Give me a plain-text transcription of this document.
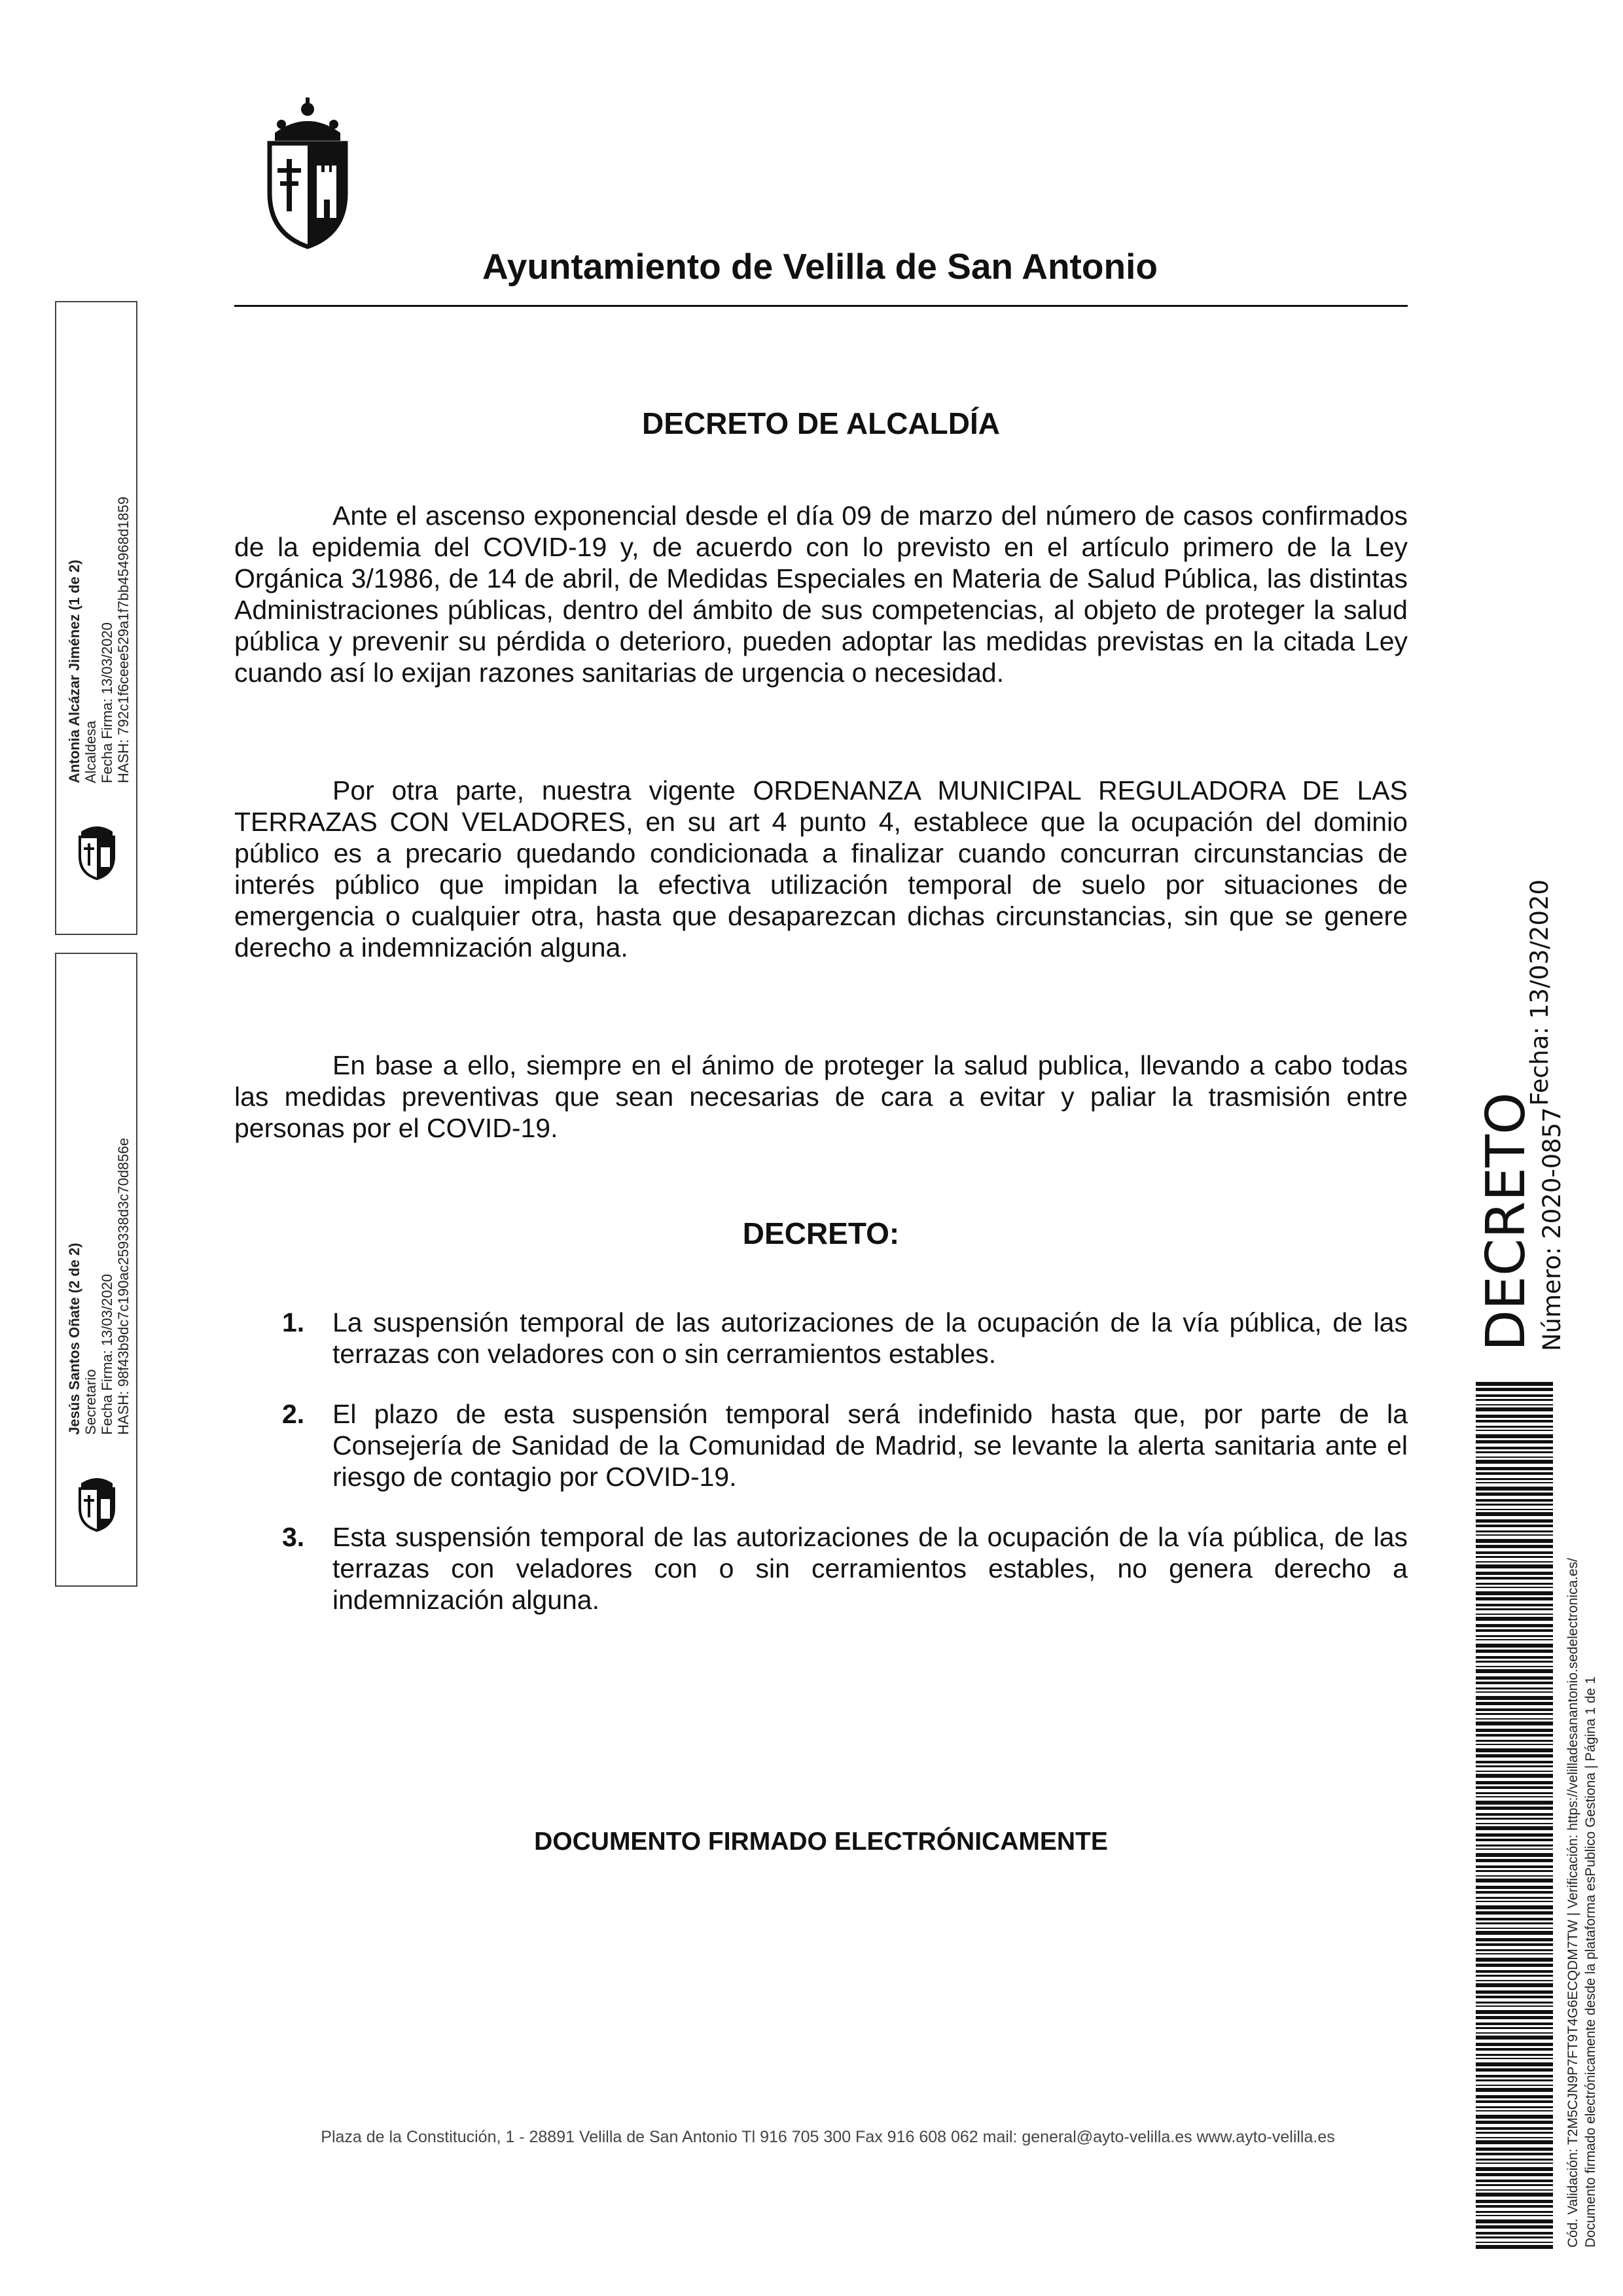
Ayuntamiento de Velilla de San Antonio
DECRETO DE ALCALDÍA

Ante el ascenso exponencial desde el día 09 de marzo del número de casos confirmados de la epidemia del COVID-19 y, de acuerdo con lo previsto en el artículo primero de la Ley Orgánica 3/1986, de 14 de abril, de Medidas Especiales en Materia de Salud Pública, las distintas Administraciones públicas, dentro del ámbito de sus competencias, al objeto de proteger la salud pública y prevenir su pérdida o deterioro, pueden adoptar las medidas previstas en la citada Ley cuando así lo exijan razones sanitarias de urgencia o necesidad.

Por otra parte, nuestra vigente ORDENANZA MUNICIPAL REGULADORA DE LAS TERRAZAS CON VELADORES, en su art 4 punto 4, establece que la ocupación del dominio público es a precario quedando condicionada a finalizar cuando concurran circunstancias de interés público que impidan la efectiva utilización temporal de suelo por situaciones de emergencia o cualquier otra, hasta que desaparezcan dichas circunstancias, sin que se genere derecho a indemnización alguna.

En base a ello, siempre en el ánimo de proteger la salud publica, llevando a cabo todas las medidas preventivas que sean necesarias de cara a evitar y paliar la trasmisión entre personas por el COVID-19.

DECRETO:
1. La suspensión temporal de las autorizaciones de la ocupación de la vía pública, de las terrazas con veladores con o sin cerramientos estables.
2. El plazo de esta suspensión temporal será indefinido hasta que, por parte de la Consejería de Sanidad de la Comunidad de Madrid, se levante la alerta sanitaria ante el riesgo de contagio por COVID-19.
3. Esta suspensión temporal de las autorizaciones de la ocupación de la vía pública, de las terrazas con veladores con o sin cerramientos estables, no genera derecho a indemnización alguna.

DOCUMENTO FIRMADO ELECTRÓNICAMENTE

Plaza de la Constitución, 1 - 28891 Velilla de San Antonio Tl 916 705 300 Fax 916 608 062 mail: general@ayto-velilla.es www.ayto-velilla.es
Antonia Alcázar Jiménez (1 de 2) Alcaldesa Fecha Firma: 13/03/2020 HASH: 792c1f6ceee529a1f7bb454968d1859
Jesús Santos Oñate (2 de 2) Secretario Fecha Firma: 13/03/2020 HASH: 98f43b9dc7c190ac259338d3c70d856e	DECRETO Número: 2020-0857
Fecha: 13/03/2020
Cód. Validación: T2M5CJN9P7FT9T4G6ECQDM7TW | Verificación: https://velilladesanantonio.sedelectronica.es/ Documento firmado electrónicamente desde la plataforma esPublico Gestiona | Página 1 de 1
